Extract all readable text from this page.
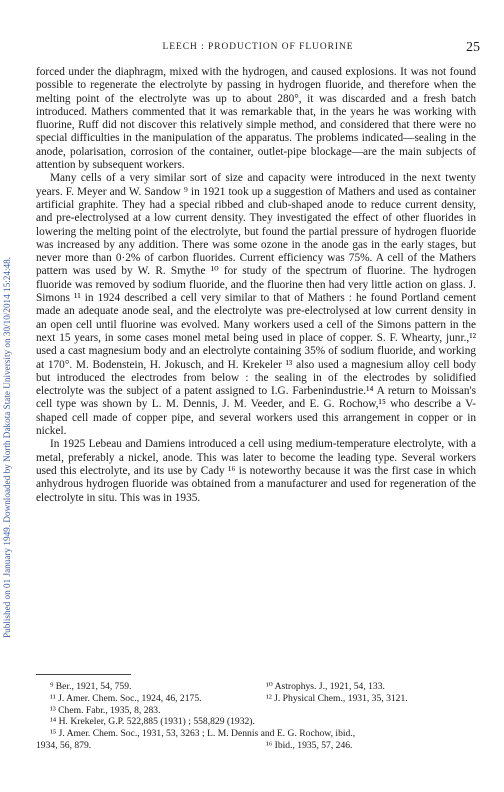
Published on 01 January 1949. Downloaded by North Dakota State University on 30/10/2014 15:24:48.
LEECH : PRODUCTION OF FLUORINE	25

forced under the diaphragm, mixed with the hydrogen, and caused explosions. It was not found possible to regenerate the electrolyte by passing in hydrogen fluoride, and therefore when the melting point of the electrolyte was up to about 280°, it was discarded and a fresh batch introduced. Mathers commented that it was remarkable that, in the years he was working with fluorine, Ruff did not discover this relatively simple method, and considered that there were no special difficulties in the manipulation of the apparatus. The problems indicated—sealing in the anode, polarisation, corrosion of the container, outlet-pipe blockage—are the main subjects of attention by subsequent workers.

Many cells of a very similar sort of size and capacity were introduced in the next twenty years. F. Meyer and W. Sandow ⁹ in 1921 took up a suggestion of Mathers and used as container artificial graphite. They had a special ribbed and club-shaped anode to reduce current density, and pre-electrolysed at a low current density. They investigated the effect of other fluorides in lowering the melting point of the electrolyte, but found the partial pressure of hydrogen fluoride was increased by any addition. There was some ozone in the anode gas in the early stages, but never more than 0·2% of carbon fluorides. Current efficiency was 75%. A cell of the Mathers pattern was used by W. R. Smythe ¹⁰ for study of the spectrum of fluorine. The hydrogen fluoride was removed by sodium fluoride, and the fluorine then had very little action on glass. J. Simons ¹¹ in 1924 described a cell very similar to that of Mathers : he found Portland cement made an adequate anode seal, and the electrolyte was pre-electrolysed at low current density in an open cell until fluorine was evolved. Many workers used a cell of the Simons pattern in the next 15 years, in some cases monel metal being used in place of copper. S. F. Whearty, junr.,¹² used a cast magnesium body and an electrolyte containing 35% of sodium fluoride, and working at 170°. M. Bodenstein, H. Jokusch, and H. Krekeler ¹³ also used a magnesium alloy cell body but introduced the electrodes from below : the sealing in of the electrodes by solidified electrolyte was the subject of a patent assigned to I.G. Farbenindustrie.¹⁴ A return to Moissan's cell type was shown by L. M. Dennis, J. M. Veeder, and E. G. Rochow,¹⁵ who describe a V-shaped cell made of copper pipe, and several workers used this arrangement in copper or in nickel.

In 1925 Lebeau and Damiens introduced a cell using medium-temperature electrolyte, with a metal, preferably a nickel, anode. This was later to become the leading type. Several workers used this electrolyte, and its use by Cady ¹⁶ is noteworthy because it was the first case in which anhydrous hydrogen fluoride was obtained from a manufacturer and used for regeneration of the electrolyte in situ. This was in 1935.

⁹ Ber., 1921, 54, 759.	¹⁰ Astrophys. J., 1921, 54, 133.
¹¹ J. Amer. Chem. Soc., 1924, 46, 2175.	¹² J. Physical Chem., 1931, 35, 3121.
¹³ Chem. Fabr., 1935, 8, 283.
¹⁴ H. Krekeler, G.P. 522,885 (1931) ; 558,829 (1932).
¹⁵ J. Amer. Chem. Soc., 1931, 53, 3263 ; L. M. Dennis and E. G. Rochow, ibid.,
1934, 56, 879.	¹⁶ Ibid., 1935, 57, 246.
